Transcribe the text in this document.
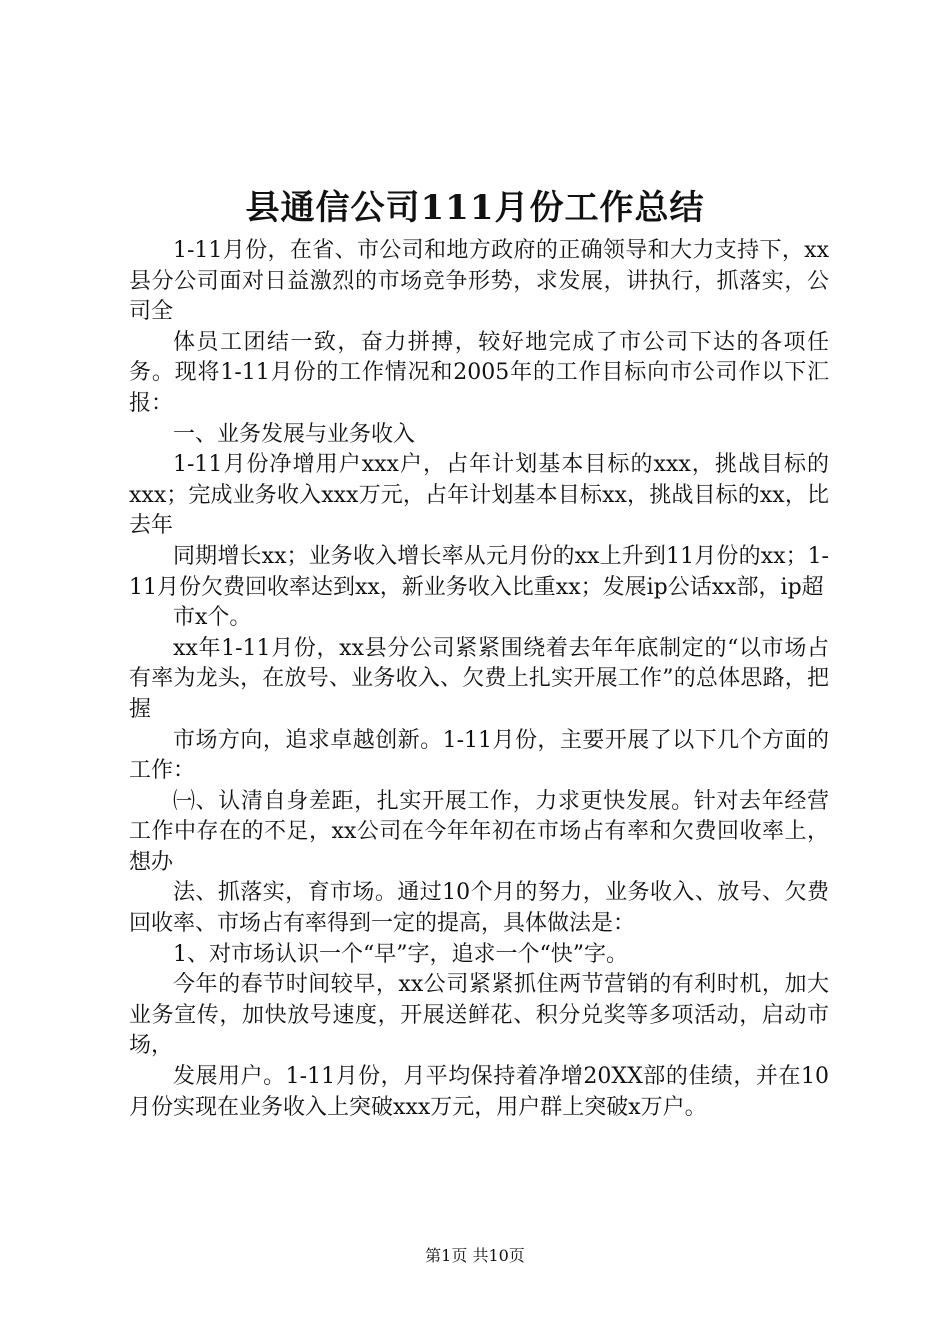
县通信公司111月份工作总结

1-11月份，在省、市公司和地方政府的正确领导和大力支持下，xx县分公司面对日益激烈的市场竞争形势，求发展，讲执行，抓落实，公司全

体员工团结一致，奋力拼搏，较好地完成了市公司下达的各项任务。现将1-11月份的工作情况和2005年的工作目标向市公司作以下汇报：

一、业务发展与业务收入

1-11月份净增用户xxx户，占年计划基本目标的xxx，挑战目标的xxx；完成业务收入xxx万元，占年计划基本目标xx，挑战目标的xx，比去年

同期增长xx；业务收入增长率从元月份的xx上升到11月份的xx；1-11月份欠费回收率达到xx，新业务收入比重xx；发展ip公话xx部，ip超

市x个。

xx年1-11月份，xx县分公司紧紧围绕着去年年底制定的“以市场占有率为龙头，在放号、业务收入、欠费上扎实开展工作”的总体思路，把握

市场方向，追求卓越创新。1-11月份，主要开展了以下几个方面的工作：

㈠、认清自身差距，扎实开展工作，力求更快发展。针对去年经营工作中存在的不足，xx公司在今年年初在市场占有率和欠费回收率上，想办

法、抓落实，育市场。通过10个月的努力，业务收入、放号、欠费回收率、市场占有率得到一定的提高，具体做法是：

1、对市场认识一个“早”字，追求一个“快”字。

今年的春节时间较早，xx公司紧紧抓住两节营销的有利时机，加大业务宣传，加快放号速度，开展送鲜花、积分兑奖等多项活动，启动市场，

发展用户。1-11月份，月平均保持着净增20XX部的佳绩，并在10月份实现在业务收入上突破xxx万元，用户群上突破x万户。

第1页 共10页
